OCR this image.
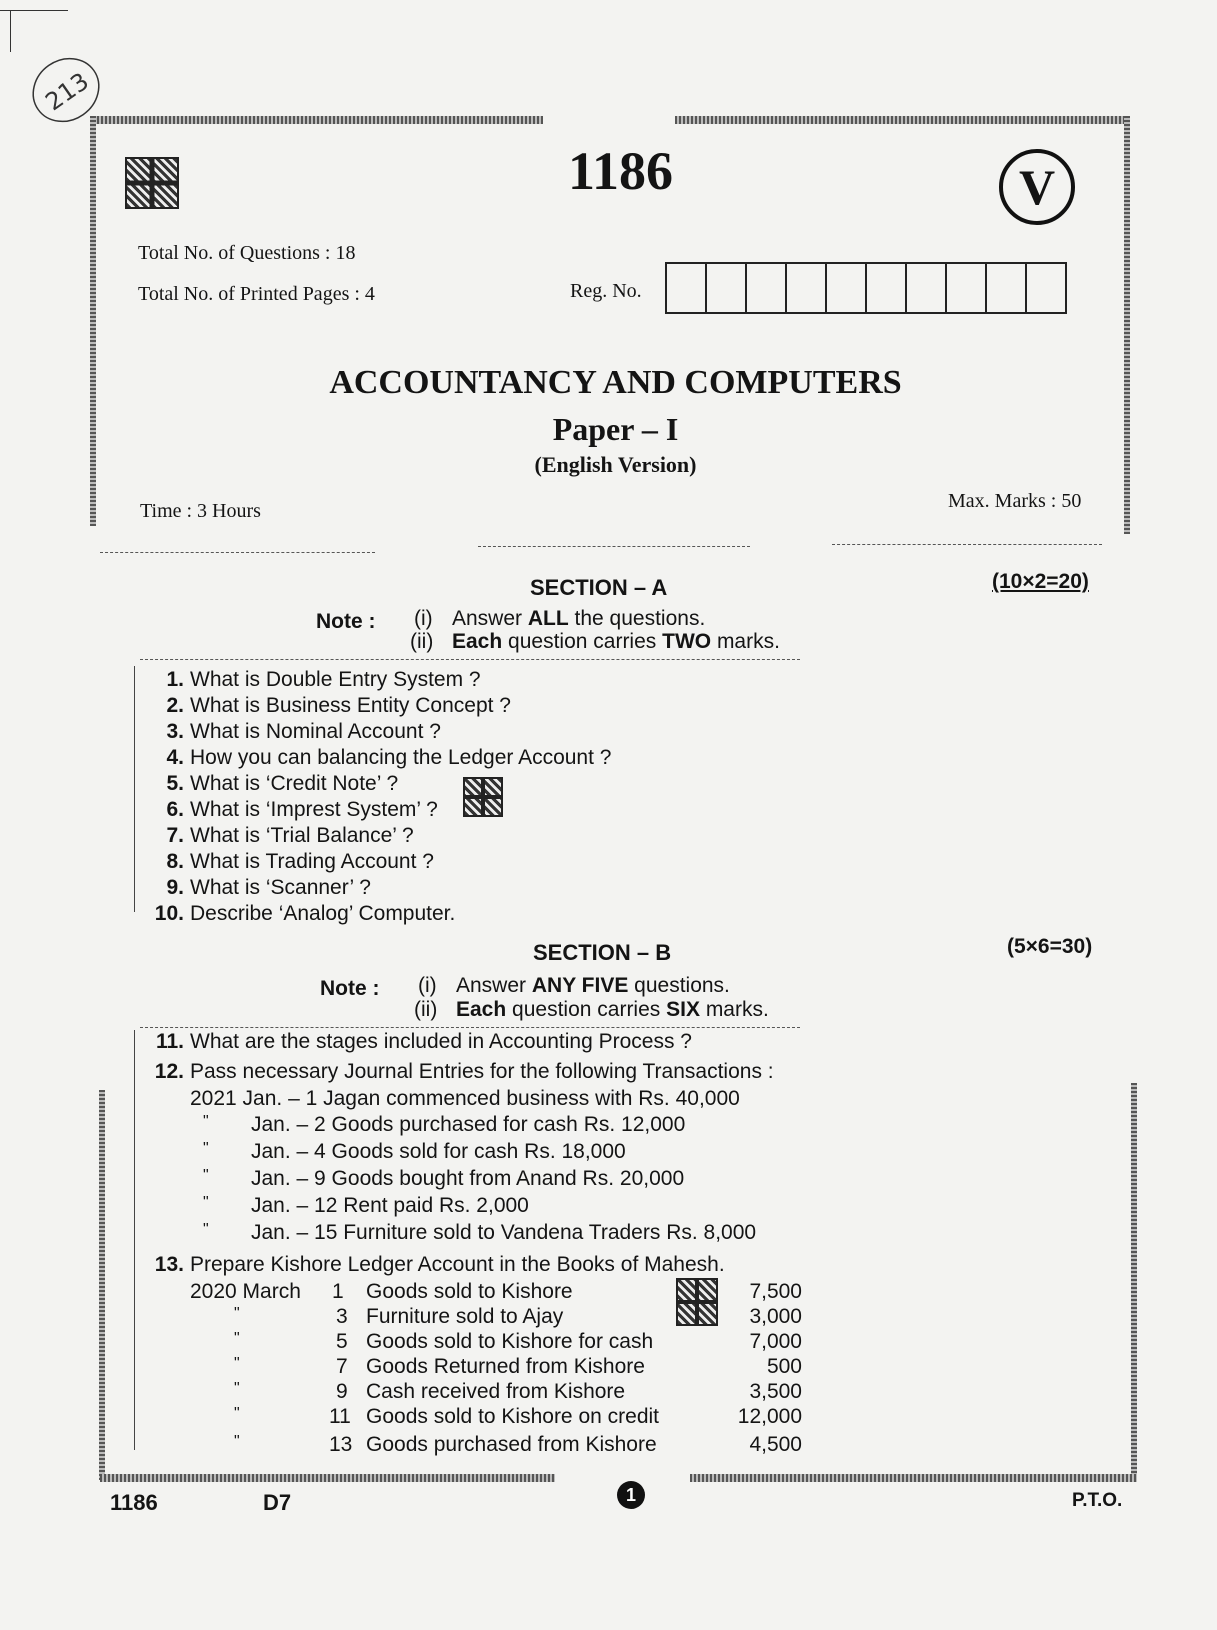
213
1186	V
Total No. of Questions : 18
Total No. of Printed Pages : 4	Reg. No.
ACCOUNTANCY AND COMPUTERS
Paper – I
(English Version)
Time : 3 Hours	Max. Marks : 50
SECTION – A	(10×2=20)
Note : (i) Answer ALL the questions.
(ii) Each question carries TWO marks.
1. What is Double Entry System ?
2. What is Business Entity Concept ?
3. What is Nominal Account ?
4. How you can balancing the Ledger Account ?
5. What is ‘Credit Note’ ?
6. What is ‘Imprest System’ ?
7. What is ‘Trial Balance’ ?
8. What is Trading Account ?
9. What is ‘Scanner’ ?
10. Describe ‘Analog’ Computer.
SECTION – B	(5×6=30)
Note : (i) Answer ANY FIVE questions.
(ii) Each question carries SIX marks.
11. What are the stages included in Accounting Process ?
12. Pass necessary Journal Entries for the following Transactions :
2021 Jan. – 1 Jagan commenced business with Rs. 40,000
" Jan. – 2 Goods purchased for cash Rs. 12,000
" Jan. – 4 Goods sold for cash Rs. 18,000
" Jan. – 9 Goods bought from Anand Rs. 20,000
" Jan. – 12 Rent paid Rs. 2,000
" Jan. – 15 Furniture sold to Vandena Traders Rs. 8,000
13. Prepare Kishore Ledger Account in the Books of Mahesh.
2020 March 1 Goods sold to Kishore	7,500
"	3 Furniture sold to Ajay	3,000
"	5 Goods sold to Kishore for cash	7,000
"	7 Goods Returned from Kishore	500
"	9 Cash received from Kishore	3,500
"	11 Goods sold to Kishore on credit	12,000
"	13 Goods purchased from Kishore	4,500
1186	D7	1	P.T.O.
